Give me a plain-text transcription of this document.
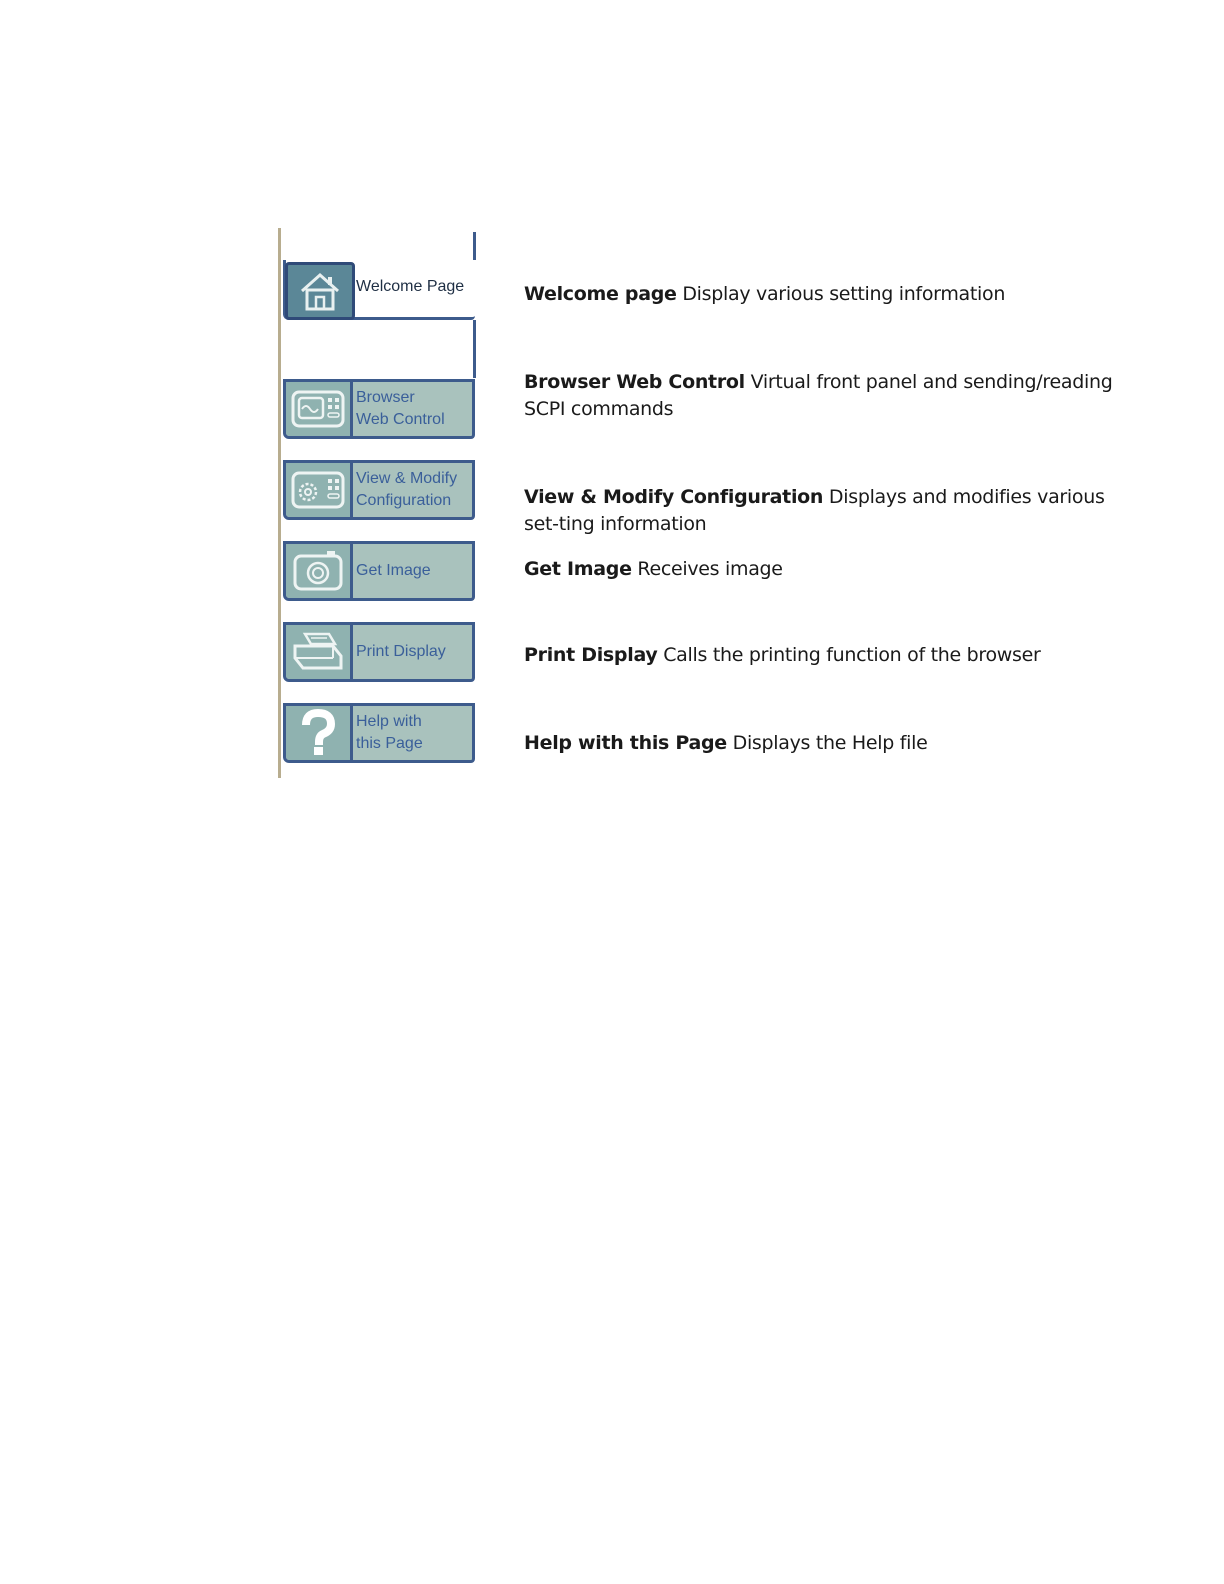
Welcome Page
Browser
Web Control
View & Modify
Configuration
Get Image
Print Display
Help with
this Page
Welcome page Display various setting information
Browser Web Control Virtual front panel and sending/reading SCPI commands
View & Modify Configuration Displays and modifies various set-ting information
Get Image Receives image
Print Display Calls the printing function of the browser
Help with this Page Displays the Help file
